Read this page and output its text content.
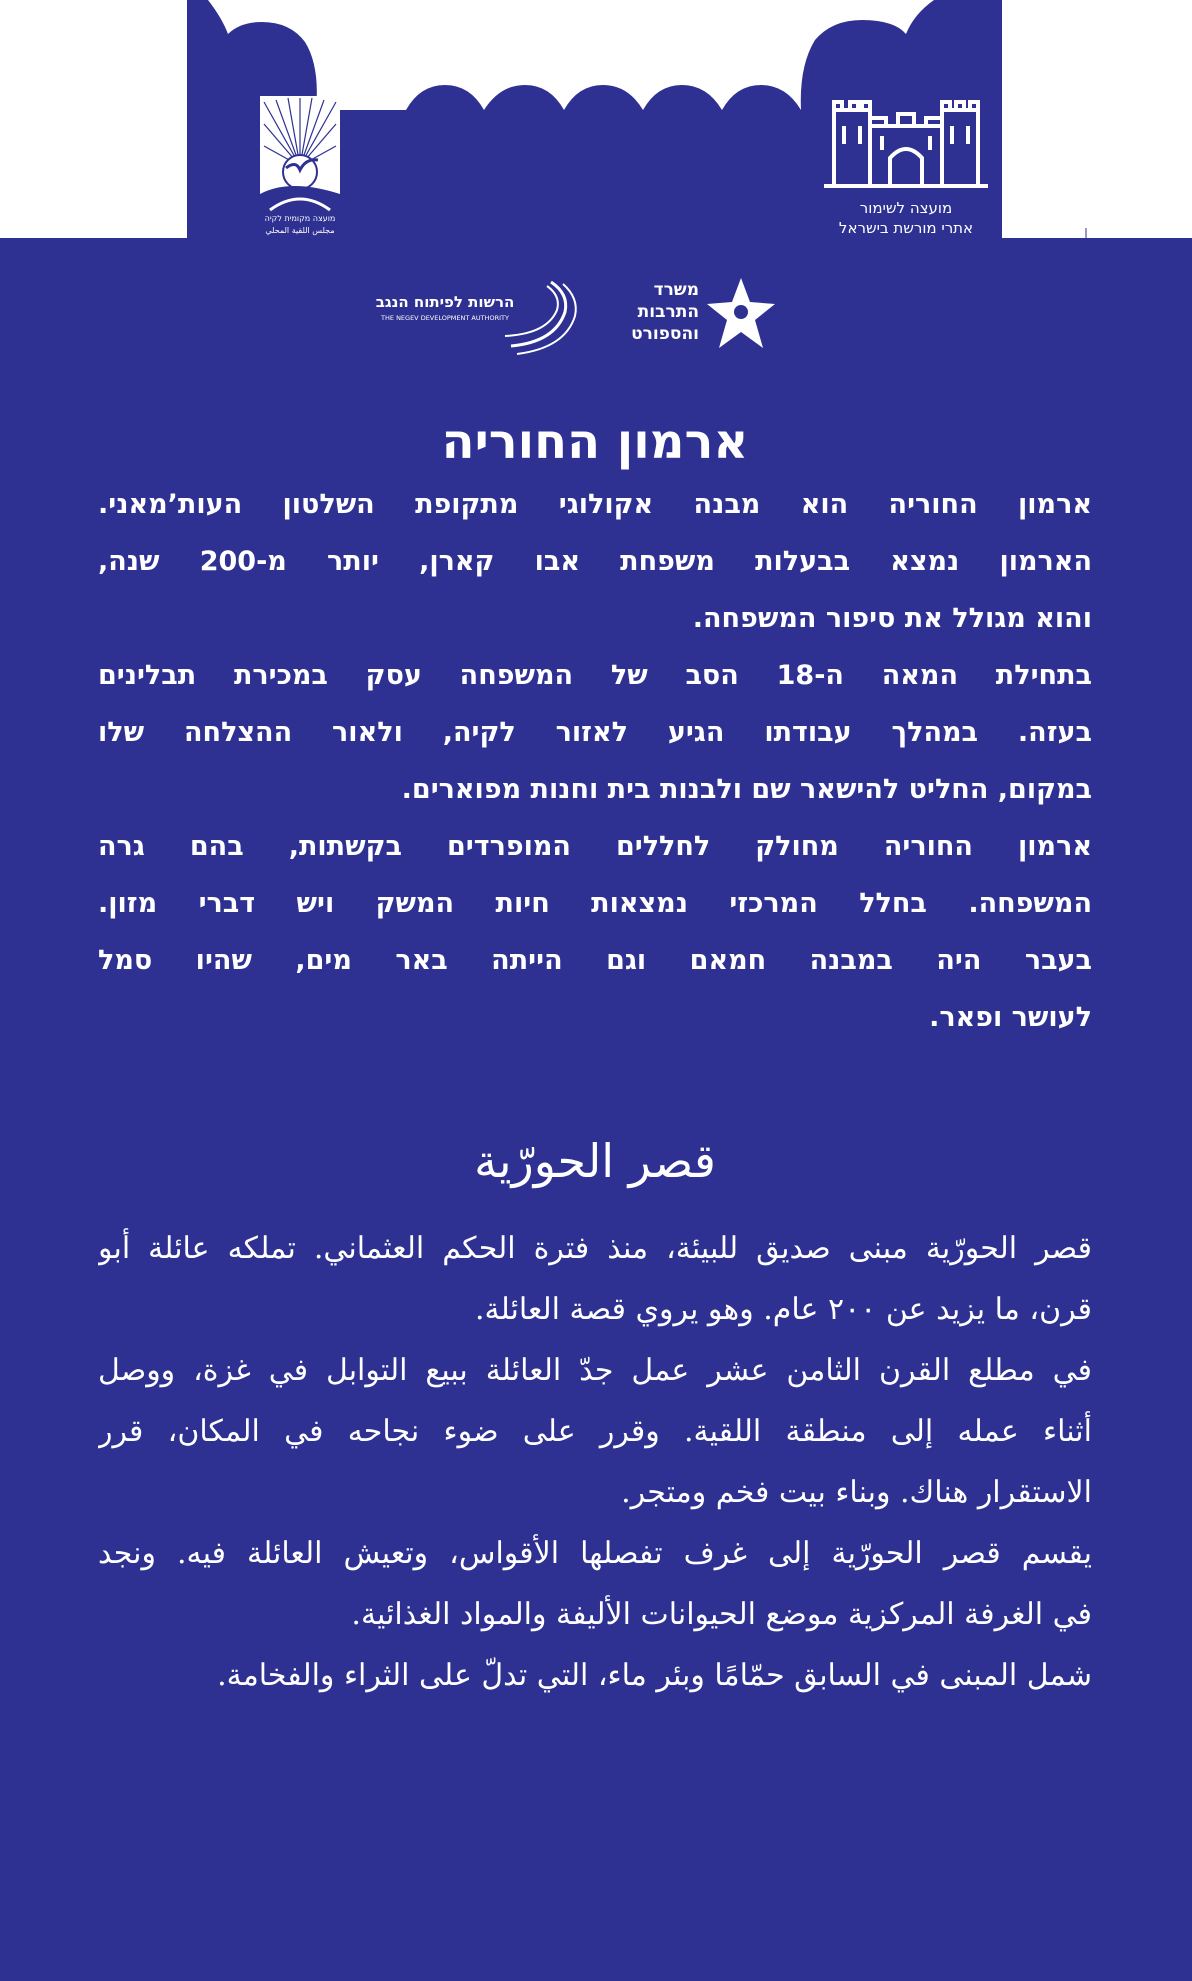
מועצה לשימור
אתרי מורשת בישראל
מועצה מקומית לקיה
مجلس اللقية المحلي
הרשות לפיתוח הנגב
THE NEGEV DEVELOPMENT AUTHORITY
משרד
התרבות
והספורט
ארמון החוריה

ארמון החוריה הוא מבנה אקולוגי מתקופת השלטון העות’מאני.

הארמון נמצא בבעלות משפחת אבו קארן, יותר מ-200 שנה,

והוא מגולל את סיפור המשפחה.

בתחילת המאה ה-18 הסב של המשפחה עסק במכירת תבלינים

בעזה. במהלך עבודתו הגיע לאזור לקיה, ולאור ההצלחה שלו

במקום, החליט להישאר שם ולבנות בית וחנות מפוארים.

ארמון החוריה מחולק לחללים המופרדים בקשתות, בהם גרה

המשפחה. בחלל המרכזי נמצאות חיות המשק ויש דברי מזון.

בעבר היה במבנה חמאם וגם הייתה באר מים, שהיו סמל

לעושר ופאר.

قصر الحورّية

قصر الحورّية مبنى صديق للبيئة، منذ فترة الحكم العثماني. تملكه عائلة أبو

قرن، ما يزيد عن ٢٠٠ عام. وهو يروي قصة العائلة.

في مطلع القرن الثامن عشر عمل جدّ العائلة ببيع التوابل في غزة، ووصل

أثناء عمله إلى منطقة اللقية. وقرر على ضوء نجاحه في المكان، قرر

الاستقرار هناك. وبناء بيت فخم ومتجر.

يقسم قصر الحورّية إلى غرف تفصلها الأقواس، وتعيش العائلة فيه. ونجد

في الغرفة المركزية موضع الحيوانات الأليفة والمواد الغذائية.

شمل المبنى في السابق حمّامًا وبئر ماء، التي تدلّ على الثراء والفخامة.
